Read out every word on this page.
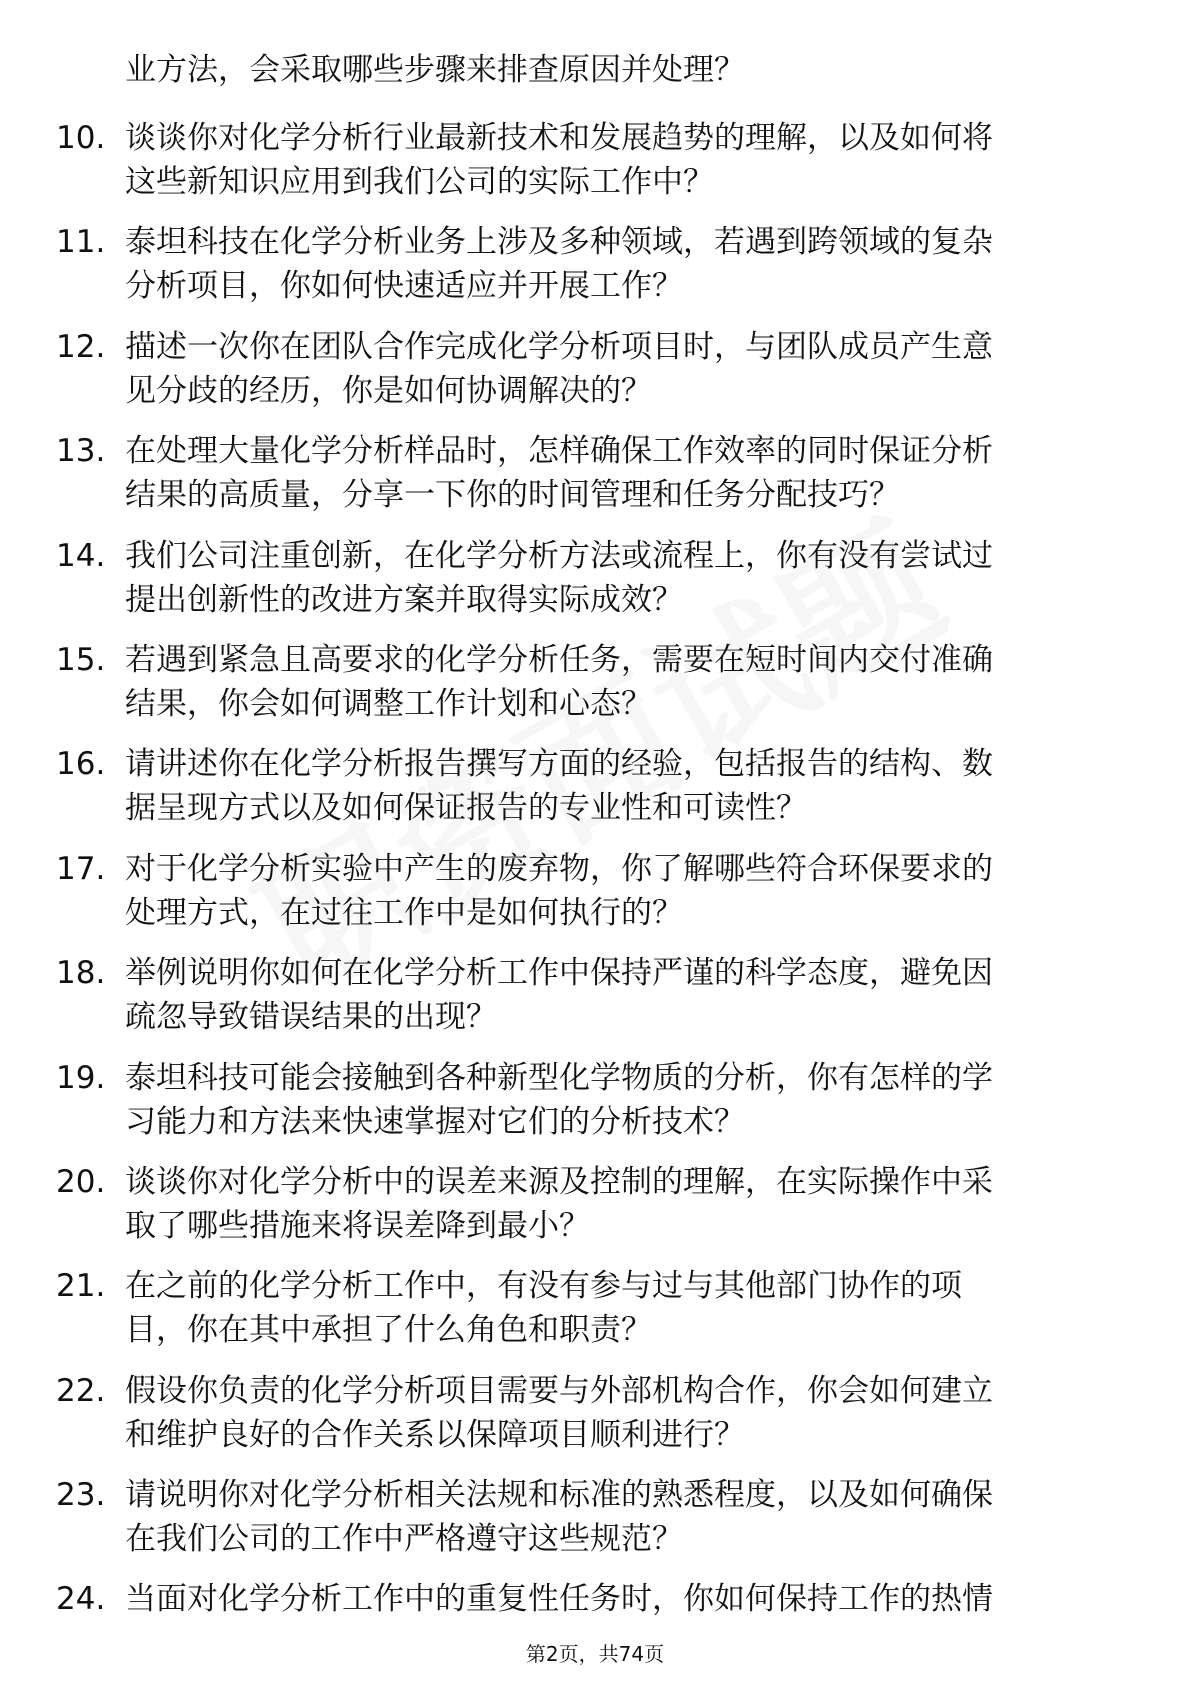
业方法，会采取哪些步骤来排查原因并处理？
10. 谈谈你对化学分析行业最新技术和发展趋势的理解，以及如何将
这些新知识应用到我们公司的实际工作中？
11. 泰坦科技在化学分析业务上涉及多种领域，若遇到跨领域的复杂
分析项目，你如何快速适应并开展工作？
12. 描述一次你在团队合作完成化学分析项目时，与团队成员产生意
见分歧的经历，你是如何协调解决的？
13. 在处理大量化学分析样品时，怎样确保工作效率的同时保证分析
结果的高质量，分享一下你的时间管理和任务分配技巧？
14. 我们公司注重创新，在化学分析方法或流程上，你有没有尝试过
提出创新性的改进方案并取得实际成效？
15. 若遇到紧急且高要求的化学分析任务，需要在短时间内交付准确
结果，你会如何调整工作计划和心态？
16. 请讲述你在化学分析报告撰写方面的经验，包括报告的结构、数
据呈现方式以及如何保证报告的专业性和可读性？
17. 对于化学分析实验中产生的废弃物，你了解哪些符合环保要求的
处理方式，在过往工作中是如何执行的？
18. 举例说明你如何在化学分析工作中保持严谨的科学态度，避免因
疏忽导致错误结果的出现？
19. 泰坦科技可能会接触到各种新型化学物质的分析，你有怎样的学
习能力和方法来快速掌握对它们的分析技术？
20. 谈谈你对化学分析中的误差来源及控制的理解，在实际操作中采
取了哪些措施来将误差降到最小？
21. 在之前的化学分析工作中，有没有参与过与其他部门协作的项
目，你在其中承担了什么角色和职责？
22. 假设你负责的化学分析项目需要与外部机构合作，你会如何建立
和维护良好的合作关系以保障项目顺利进行？
23. 请说明你对化学分析相关法规和标准的熟悉程度，以及如何确保
在我们公司的工作中严格遵守这些规范？
24. 当面对化学分析工作中的重复性任务时，你如何保持工作的热情
第2页，共74页
